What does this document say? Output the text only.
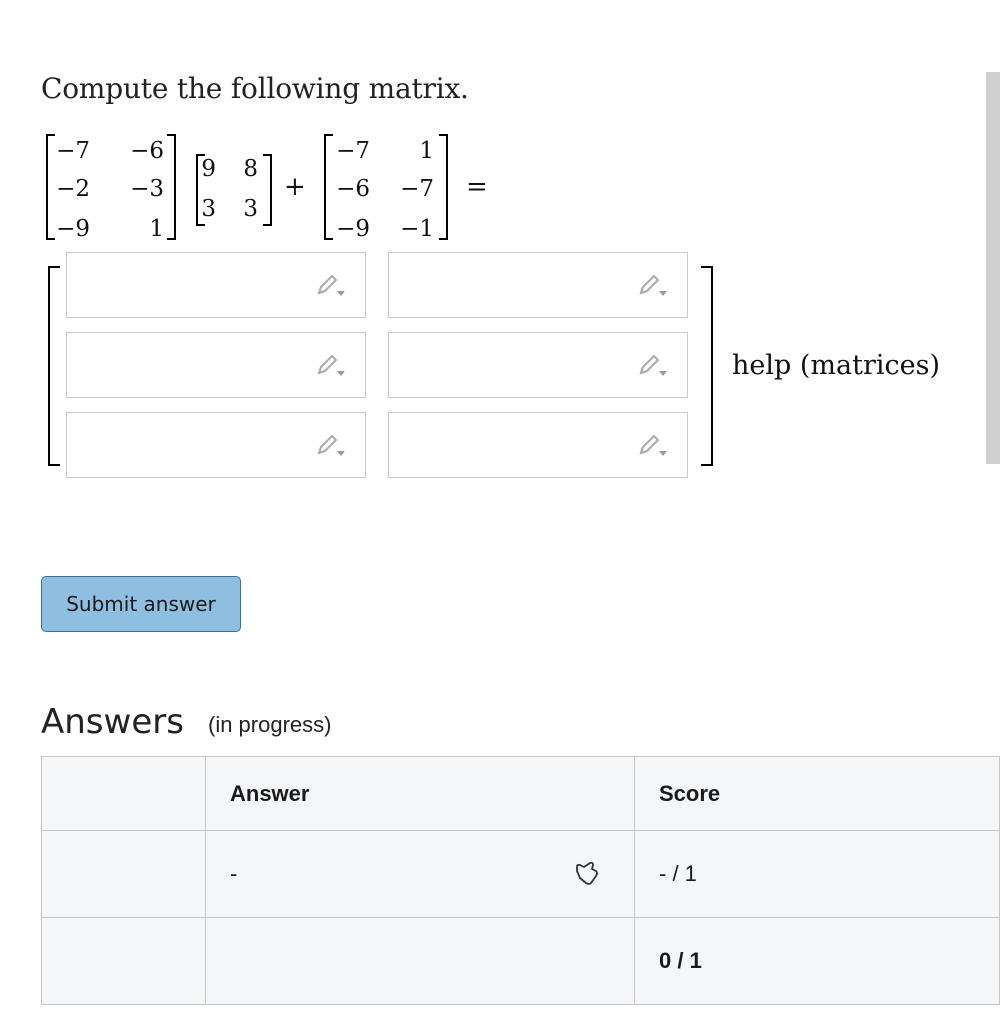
Compute the following matrix.
−7 −6
−2 −3
−9	1
9	8
3	3
+
−7	1
−6 −7
−9 −1
=
help (matrices)
Submit answer
Answers (in progress)
	Answer	Score
	-	- / 1
		0 / 1
